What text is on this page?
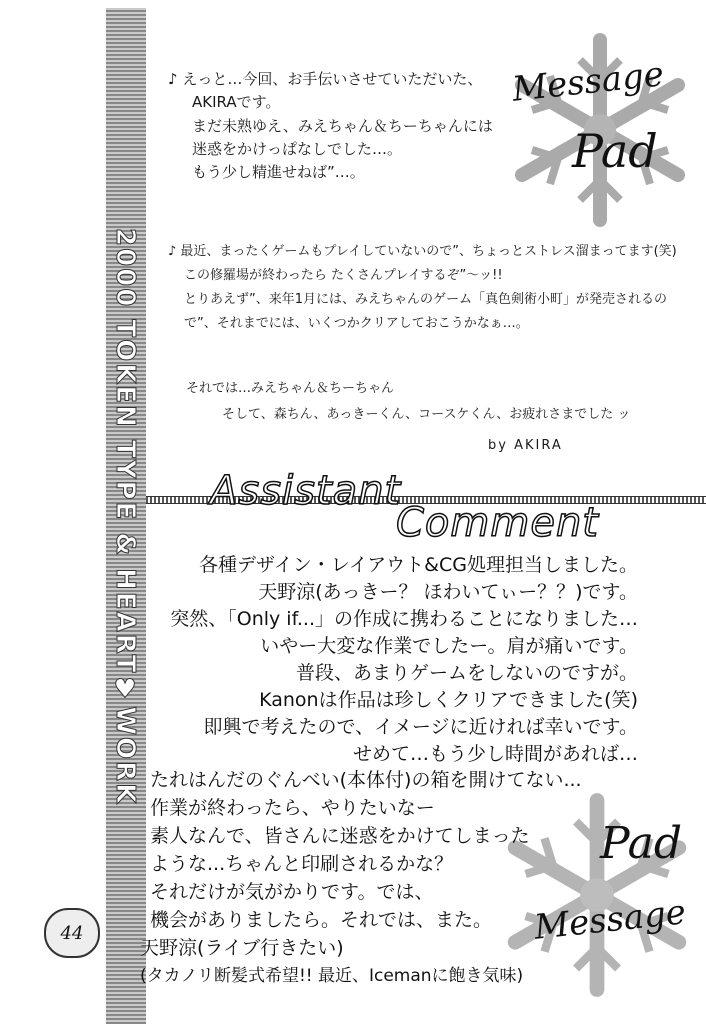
2000 TOKEN TYPE & HEART♥WORK
44
Message
Pad

♪ えっと…今回、お手伝いさせていただいた、

AKIRAです。

まだ未熟ゆえ、みえちゃん＆ちーちゃんには

迷惑をかけっぱなしでした…。

もう少し精進せねば”…。

♪ 最近、まったくゲームもプレイしていないので”、ちょっとストレス溜まってます(笑)

この修羅場が終わったら たくさんプレイするぞ”〜ッ!!

とりあえず”、来年1月には、みえちゃんのゲーム「真色剣術小町」が発売されるの

で”、それまでには、いくつかクリアしておこうかなぁ…。

それでは…みえちゃん＆ちーちゃん

そして、森ちん、あっきーくん、コースケくん、お疲れさまでした ッ

by AKIRA
Assistant
Comment

各種デザイン・レイアウト&CG処理担当しました。

天野涼(あっきー？ ほわいてぃー？？)です。

突然、「Only if...」の作成に携わることになりました…

いやー大変な作業でしたー。肩が痛いです。

普段、あまりゲームをしないのですが。

Kanonは作品は珍しくクリアできました(笑)

即興で考えたので、イメージに近ければ幸いです。

せめて…もう少し時間があれば…

たれはんだのぐんべい(本体付)の箱を開けてない...

作業が終わったら、やりたいなー

素人なんで、皆さんに迷惑をかけてしまった

ような...ちゃんと印刷されるかな？

それだけが気がかりです。では、

機会がありましたら。それでは、また。

天野涼(ライブ行きたい)

(タカノリ断髪式希望!! 最近、Icemanに飽き気味)

Pad
Message
